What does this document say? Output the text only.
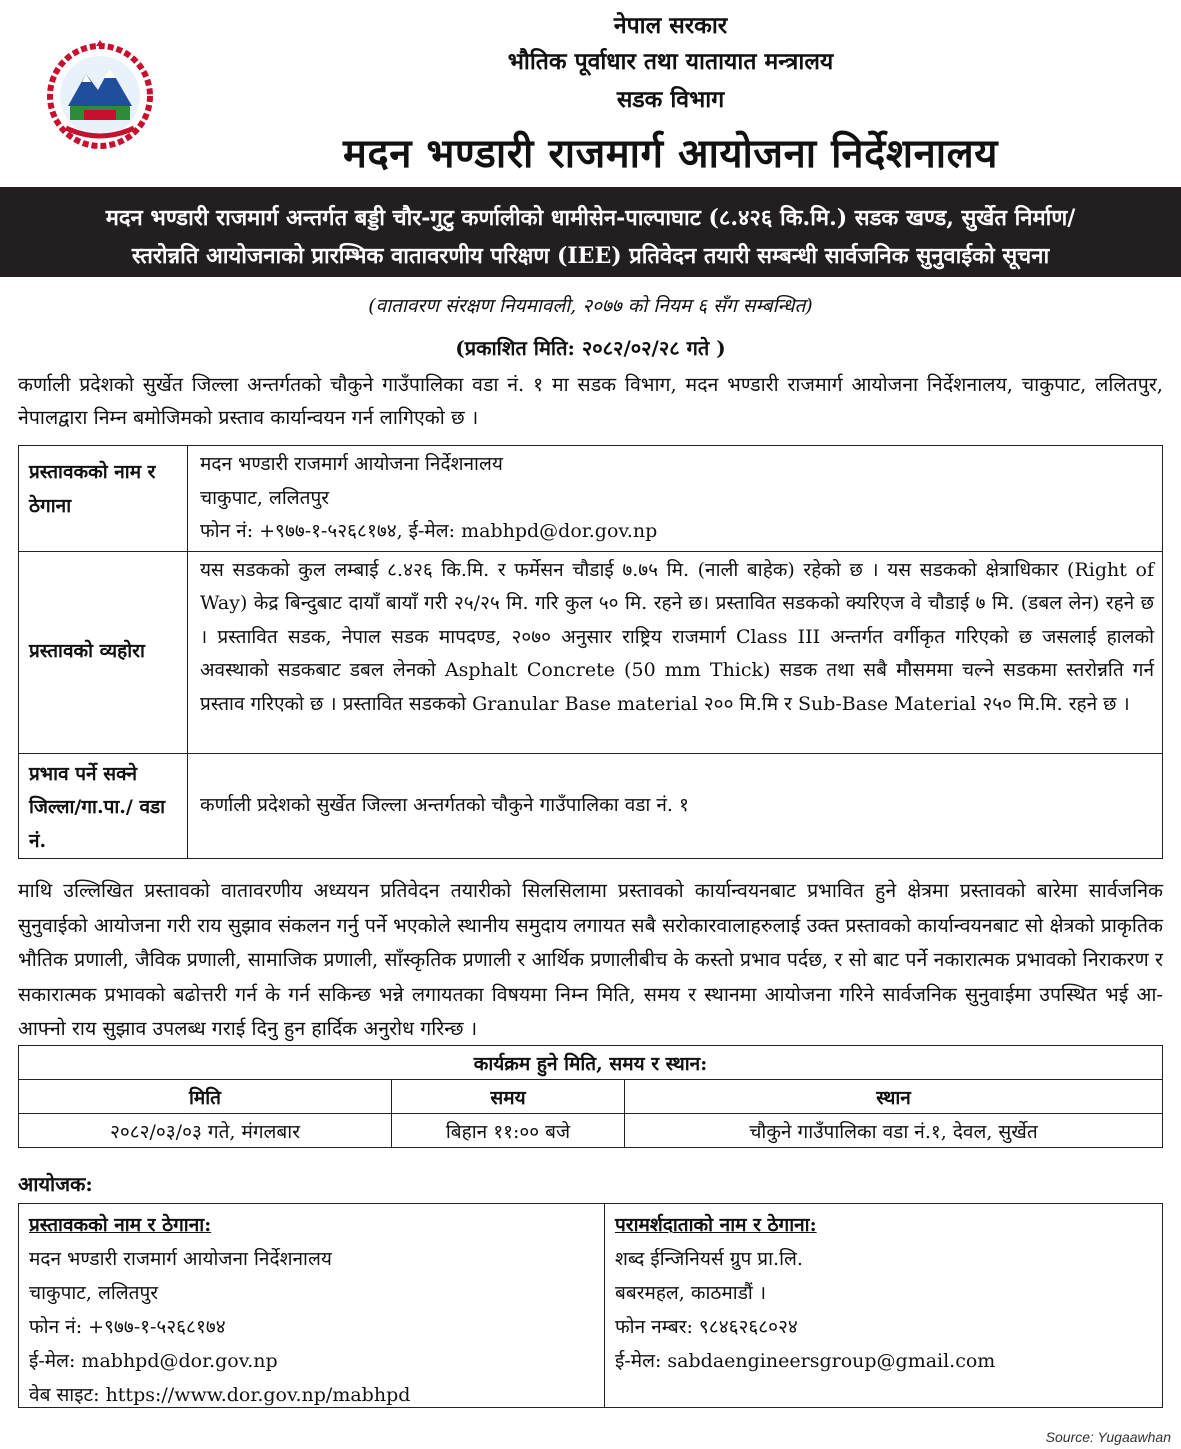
नेपाल सरकार
भौतिक पूर्वाधार तथा यातायात मन्त्रालय
सडक विभाग
मदन भण्डारी राजमार्ग आयोजना निर्देशनालय
मदन भण्डारी राजमार्ग अन्तर्गत बड्डी चौर-गुटु कर्णालीको धामीसेन-पाल्पाघाट (८.४२६ कि.मि.) सडक खण्ड, सुर्खेत निर्माण/
स्तरोन्नति आयोजनाको प्रारम्भिक वातावरणीय परिक्षण (IEE) प्रतिवेदन तयारी सम्बन्धी सार्वजनिक सुनुवाईको सूचना
(वातावरण संरक्षण नियमावली, २०७७ को नियम ६ सँग सम्बन्धित)
(प्रकाशित मिति: २०८२/०२/२८ गते )
कर्णाली प्रदेशको सुर्खेत जिल्ला अन्तर्गतको चौकुने गाउँपालिका वडा नं. १ मा सडक विभाग, मदन भण्डारी राजमार्ग आयोजना निर्देशनालय, चाकुपाट, ललितपुर, नेपालद्वारा निम्न बमोजिमको प्रस्ताव कार्यान्वयन गर्न लागिएको छ ।
प्रस्तावकको नाम र ठेगाना	मदन भण्डारी राजमार्ग आयोजना निर्देशनालय
चाकुपाट, ललितपुर
फोन नं: +९७७-१-५२६८१७४, ई-मेल: mabhpd@dor.gov.np

प्रस्तावको व्यहोरा	यस सडकको कुल लम्बाई ८.४२६ कि.मि. र फर्मेसन चौडाई ७.७५ मि. (नाली बाहेक) रहेको छ । यस सडकको क्षेत्राधिकार (Right of Way) केद्र बिन्दुबाट दायाँ बायाँ गरी २५/२५ मि. गरि कुल ५० मि. रहने छ। प्रस्तावित सडकको क्यरिएज वे चौडाई ७ मि. (डबल लेन) रहने छ । प्रस्तावित सडक, नेपाल सडक मापदण्ड, २०७० अनुसार राष्ट्रिय राजमार्ग Class III अन्तर्गत वर्गीकृत गरिएको छ जसलाई हालको अवस्थाको सडकबाट डबल लेनको Asphalt Concrete (50 mm Thick) सडक तथा सबै मौसममा चल्ने सडकमा स्तरोन्नति गर्न प्रस्ताव गरिएको छ । प्रस्तावित सडकको Granular Base material २०० मि.मि र Sub-Base Material २५० मि.मि. रहने छ ।
प्रभाव पर्ने सक्ने जिल्ला/गा.पा./ वडा नं.	कर्णाली प्रदेशको सुर्खेत जिल्ला अन्तर्गतको चौकुने गाउँपालिका वडा नं. १
माथि उल्लिखित प्रस्तावको वातावरणीय अध्ययन प्रतिवेदन तयारीको सिलसिलामा प्रस्तावको कार्यान्वयनबाट प्रभावित हुने क्षेत्रमा प्रस्तावको बारेमा सार्वजनिक सुनुवाईको आयोजना गरी राय सुझाव संकलन गर्नु पर्ने भएकोले स्थानीय समुदाय लगायत सबै सरोकारवालाहरुलाई उक्त प्रस्तावको कार्यान्वयनबाट सो क्षेत्रको प्राकृतिक भौतिक प्रणाली, जैविक प्रणाली, सामाजिक प्रणाली, साँस्कृतिक प्रणाली र आर्थिक प्रणालीबीच के कस्तो प्रभाव पर्दछ, र सो बाट पर्ने नकारात्मक प्रभावको निराकरण र सकारात्मक प्रभावको बढोत्तरी गर्न के गर्न सकिन्छ भन्ने लगायतका विषयमा निम्न मिति, समय र स्थानमा आयोजना गरिने सार्वजनिक सुनुवाईमा उपस्थित भई आ-आफ्नो राय सुझाव उपलब्ध गराई दिनु हुन हार्दिक अनुरोध गरिन्छ ।
कार्यक्रम हुने मिति, समय र स्थान:		
मिति	समय	स्थान
२०८२/०३/०३ गते, मंगलबार	बिहान ११:०० बजे	चौकुने गाउँपालिका वडा नं.१, देवल, सुर्खेत
आयोजक:
प्रस्तावकको नाम र ठेगाना:
मदन भण्डारी राजमार्ग आयोजना निर्देशनालय
चाकुपाट, ललितपुर
फोन नं: +९७७-१-५२६८१७४
ई-मेल: mabhpd@dor.gov.np
वेब साइट: https://www.dor.gov.np/mabhpd
परामर्शदाताको नाम र ठेगाना:
शब्द ईन्जिनियर्स ग्रुप प्रा.लि.
बबरमहल, काठमाडौं ।
फोन नम्बर: ९८४६२६८०२४
ई-मेल: sabdaengineersgroup@gmail.com
Source: Yugaawhan
